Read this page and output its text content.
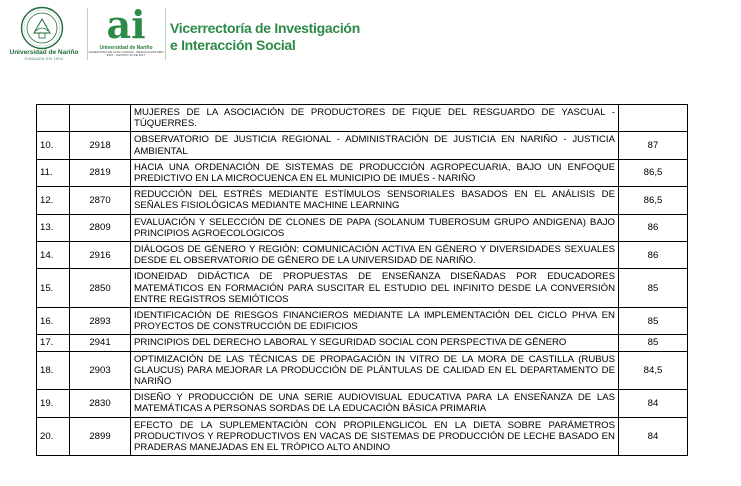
Universidad de Nariño
FUNDADA EN 1904
ai
Universidad de Nariño
ACREDITADA DE ALTA CALIDAD · RESOLUCIÓN MEN 9567 · AGOSTO 23 DE 2017
Vicerrectoría de Investigación
e Interacción Social
		MUJERES DE LA ASOCIACIÓN DE PRODUCTORES DE FIQUE DEL RESGUARDO DE YASCUAL - TÚQUERRES.	
10.	2918	OBSERVATORIO DE JUSTICIA REGIONAL - ADMINISTRACIÓN DE JUSTICIA EN NARIÑO - JUSTICIA AMBIENTAL	87
11.	2819	HACIA UNA ORDENACIÓN DE SISTEMAS DE PRODUCCIÓN AGROPECUARIA, BAJO UN ENFOQUE PREDICTIVO EN LA MICROCUENCA EN EL MUNICIPIO DE IMUÉS - NARIÑO	86,5
12.	2870	REDUCCIÓN DEL ESTRÉS MEDIANTE ESTÍMULOS SENSORIALES BASADOS EN EL ANÁLISIS DE SEÑALES FISIOLÓGICAS MEDIANTE MACHINE LEARNING	86,5
13.	2809	EVALUACIÓN Y SELECCIÓN DE CLONES DE PAPA (SOLANUM TUBEROSUM GRUPO ANDIGENA) BAJO PRINCIPIOS AGROECOLOGICOS	86
14.	2916	DIÁLOGOS DE GÉNERO Y REGIÓN: COMUNICACIÓN ACTIVA EN GÉNERO Y DIVERSIDADES SEXUALES DESDE EL OBSERVATORIO DE GÉNERO DE LA UNIVERSIDAD DE NARIÑO.	86
15.	2850	IDONEIDAD DIDÁCTICA DE PROPUESTAS DE ENSEÑANZA DISEÑADAS POR EDUCADORES MATEMÁTICOS EN FORMACIÓN PARA SUSCITAR EL ESTUDIO DEL INFINITO DESDE LA CONVERSIÓN ENTRE REGISTROS SEMIÓTICOS	85
16.	2893	IDENTIFICACIÓN DE RIESGOS FINANCIEROS MEDIANTE LA IMPLEMENTACIÓN DEL CICLO PHVA EN PROYECTOS DE CONSTRUCCIÓN DE EDIFICIOS	85
17.	2941	PRINCIPIOS DEL DERECHO LABORAL Y SEGURIDAD SOCIAL CON PERSPECTIVA DE GÉNERO	85
18.	2903	OPTIMIZACIÓN DE LAS TÉCNICAS DE PROPAGACIÓN IN VITRO DE LA MORA DE CASTILLA (RUBUS GLAUCUS) PARA MEJORAR LA PRODUCCIÓN DE PLÁNTULAS DE CALIDAD EN EL DEPARTAMENTO DE NARIÑO	84,5
19.	2830	DISEÑO Y PRODUCCIÓN DE UNA SERIE AUDIOVISUAL EDUCATIVA PARA LA ENSEÑANZA DE LAS MATEMÁTICAS A PERSONAS SORDAS DE LA EDUCACIÓN BÁSICA PRIMARIA	84
20.	2899	EFECTO DE LA SUPLEMENTACIÓN CON PROPILENGLICOL EN LA DIETA SOBRE PARÁMETROS PRODUCTIVOS Y REPRODUCTIVOS EN VACAS DE SISTEMAS DE PRODUCCIÓN DE LECHE BASADO EN PRADERAS MANEJADAS EN EL TRÓPICO ALTO ANDINO	84
